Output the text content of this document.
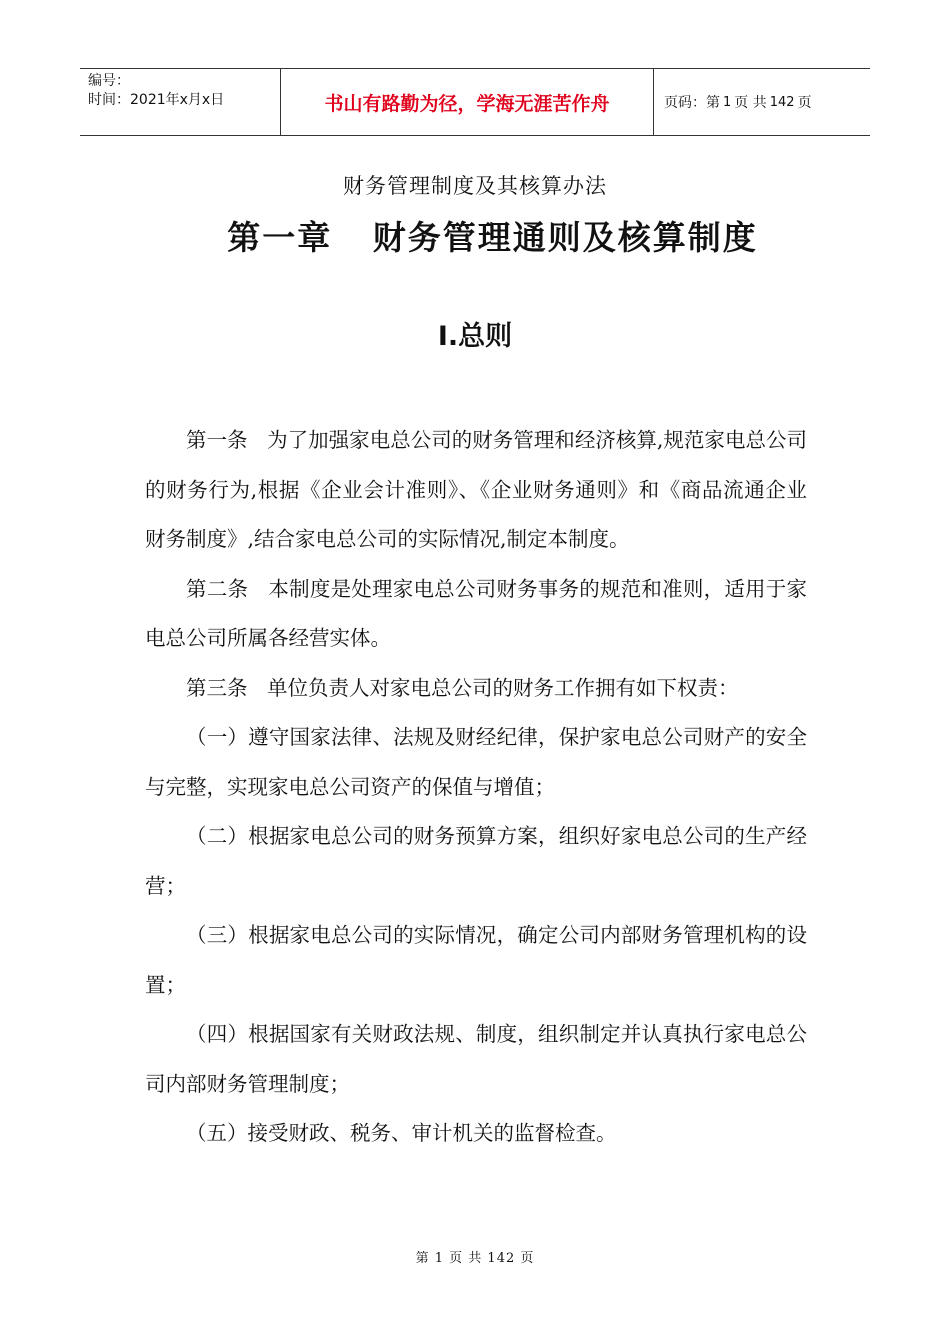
编号：
时间：2021年x月x日	书山有路勤为径，学海无涯苦作舟	页码：第 1 页 共 142 页
财务管理制度及其核算办法
第一章   财务管理通则及核算制度
Ⅰ.总则

第一条   为了加强家电总公司的财务管理和经济核算,规范家电总公司的财务行为,根据《企业会计准则》、《企业财务通则》和《商品流通企业财务制度》,结合家电总公司的实际情况,制定本制度。

第二条   本制度是处理家电总公司财务事务的规范和准则，适用于家电总公司所属各经营实体。

第三条   单位负责人对家电总公司的财务工作拥有如下权责：

（一）遵守国家法律、法规及财经纪律，保护家电总公司财产的安全与完整，实现家电总公司资产的保值与增值；

（二）根据家电总公司的财务预算方案，组织好家电总公司的生产经营；

（三）根据家电总公司的实际情况，确定公司内部财务管理机构的设置；

（四）根据国家有关财政法规、制度，组织制定并认真执行家电总公司内部财务管理制度；

（五）接受财政、税务、审计机关的监督检查。

第 1 页 共 142 页
